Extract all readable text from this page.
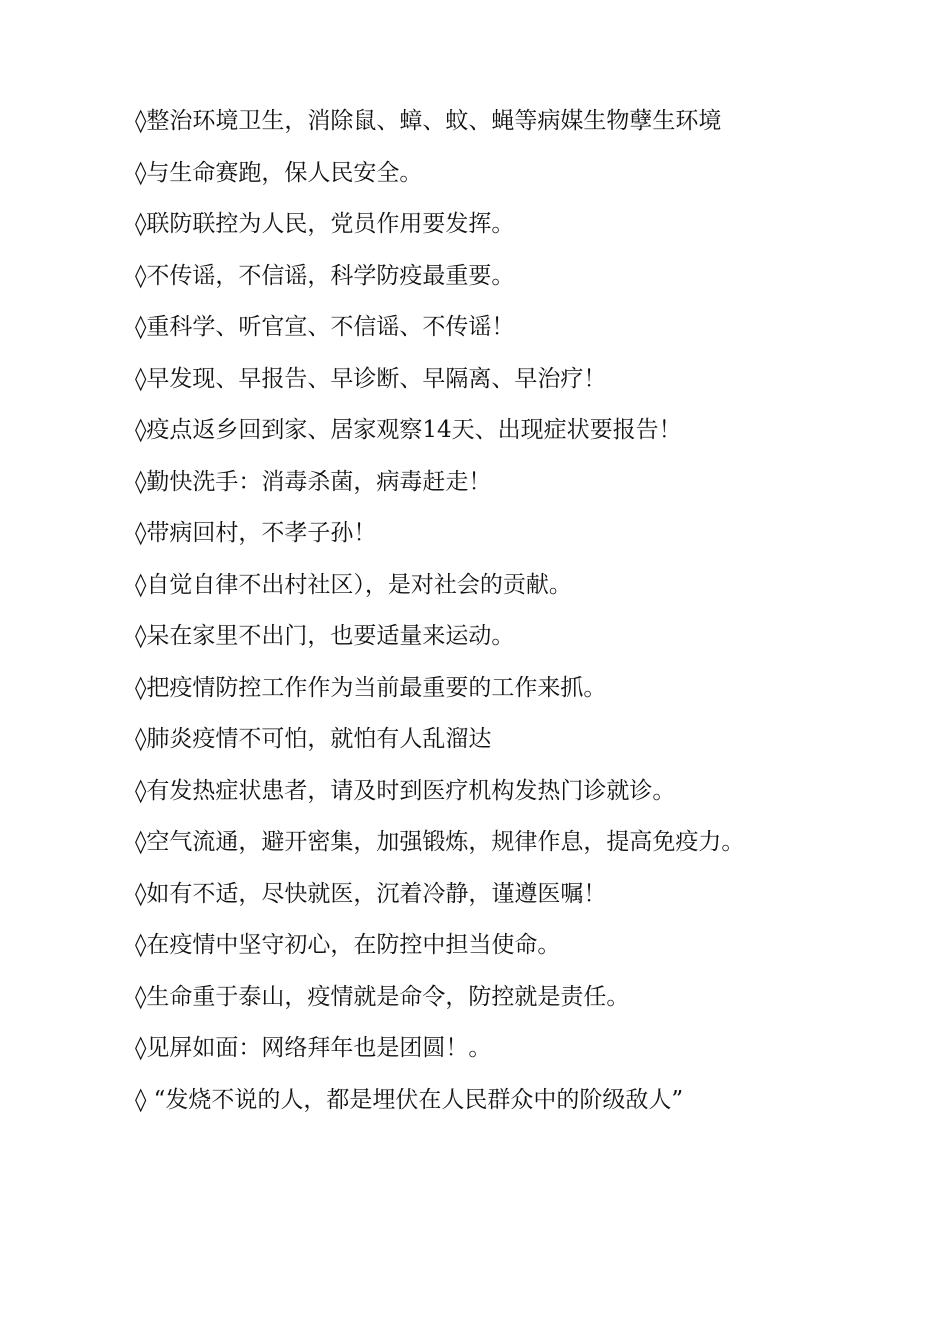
◊整治环境卫生，消除鼠、蟑、蚊、蝇等病媒生物孽生环境

◊与生命赛跑，保人民安全。

◊联防联控为人民，党员作用要发挥。

◊不传谣，不信谣，科学防疫最重要。

◊重科学、听官宣、不信谣、不传谣！

◊早发现、早报告、早诊断、早隔离、早治疗！

◊疫点返乡回到家、居家观察14天、出现症状要报告！

◊勤快洗手：消毒杀菌，病毒赶走！

◊带病回村，不孝子孙！

◊自觉自律不出村社区），是对社会的贡献。

◊呆在家里不出门，也要适量来运动。

◊把疫情防控工作作为当前最重要的工作来抓。

◊肺炎疫情不可怕，就怕有人乱溜达

◊有发热症状患者，请及时到医疗机构发热门诊就诊。

◊空气流通，避开密集，加强锻炼，规律作息，提高免疫力。

◊如有不适，尽快就医，沉着冷静，谨遵医嘱！

◊在疫情中坚守初心，在防控中担当使命。

◊生命重于泰山，疫情就是命令，防控就是责任。

◊见屏如面：网络拜年也是团圆！。

◊ “发烧不说的人，都是埋伏在人民群众中的阶级敌人”
